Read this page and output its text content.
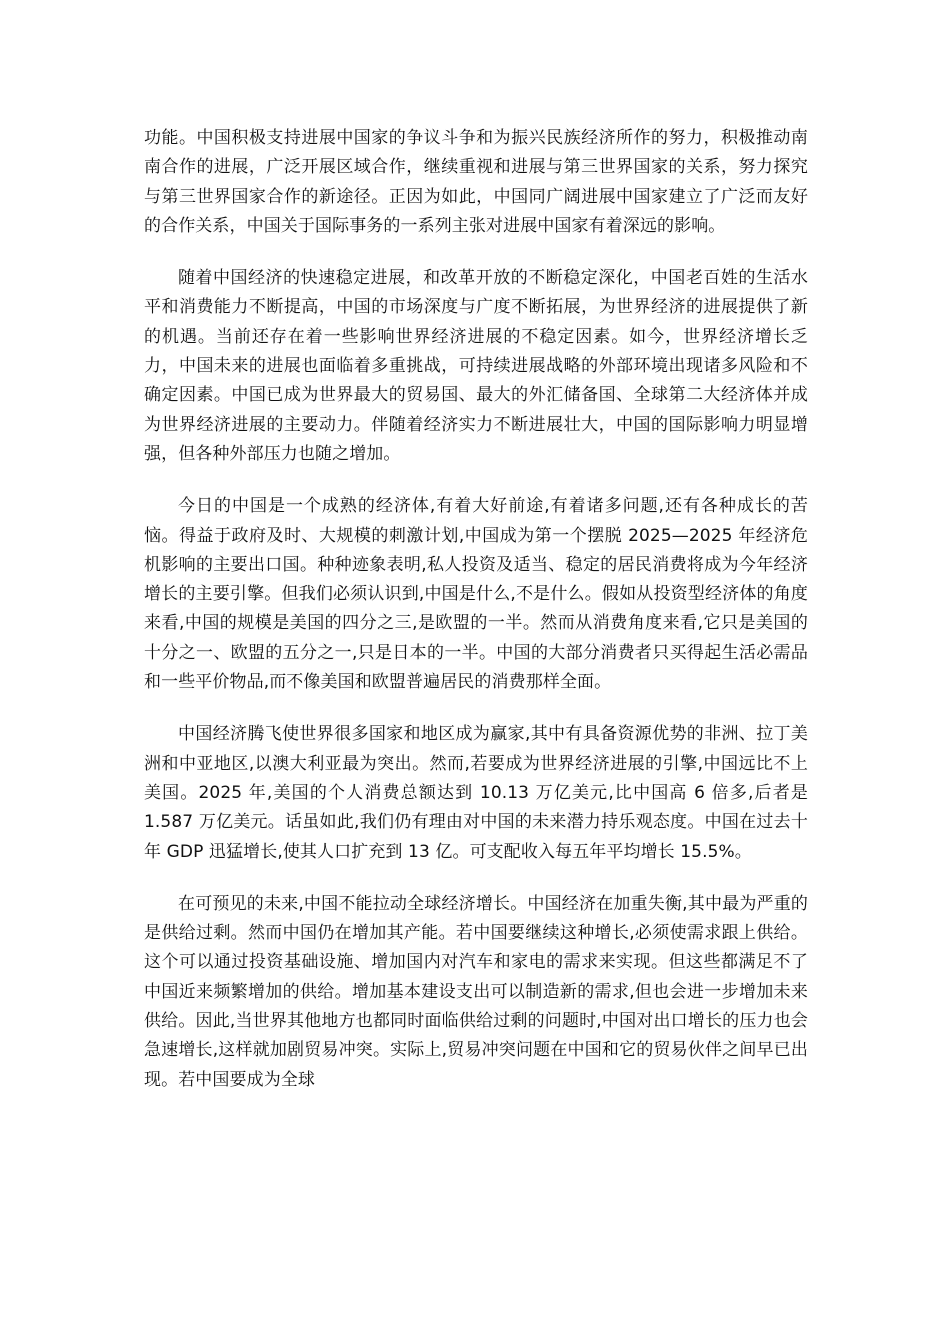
功能。中国积极支持进展中国家的争议斗争和为振兴民族经济所作的努力，积极推动南南合作的进展，广泛开展区域合作，继续重视和进展与第三世界国家的关系，努力探究与第三世界国家合作的新途径。正因为如此，中国同广阔进展中国家建立了广泛而友好的合作关系，中国关于国际事务的一系列主张对进展中国家有着深远的影响。

随着中国经济的快速稳定进展，和改革开放的不断稳定深化，中国老百姓的生活水平和消费能力不断提高，中国的市场深度与广度不断拓展，为世界经济的进展提供了新的机遇。当前还存在着一些影响世界经济进展的不稳定因素。如今，世界经济增长乏力，中国未来的进展也面临着多重挑战，可持续进展战略的外部环境出现诸多风险和不确定因素。中国已成为世界最大的贸易国、最大的外汇储备国、全球第二大经济体并成为世界经济进展的主要动力。伴随着经济实力不断进展壮大，中国的国际影响力明显增强，但各种外部压力也随之增加。

今日的中国是一个成熟的经济体,有着大好前途,有着诸多问题,还有各种成长的苦恼。得益于政府及时、大规模的刺激计划,中国成为第一个摆脱 2025—2025 年经济危机影响的主要出口国。种种迹象表明,私人投资及适当、稳定的居民消费将成为今年经济增长的主要引擎。但我们必须认识到,中国是什么,不是什么。假如从投资型经济体的角度来看,中国的规模是美国的四分之三,是欧盟的一半。然而从消费角度来看,它只是美国的十分之一、欧盟的五分之一,只是日本的一半。中国的大部分消费者只买得起生活必需品和一些平价物品,而不像美国和欧盟普遍居民的消费那样全面。

中国经济腾飞使世界很多国家和地区成为赢家,其中有具备资源优势的非洲、拉丁美洲和中亚地区,以澳大利亚最为突出。然而,若要成为世界经济进展的引擎,中国远比不上美国。2025 年,美国的个人消费总额达到 10.13 万亿美元,比中国高 6 倍多,后者是 1.587 万亿美元。话虽如此,我们仍有理由对中国的未来潜力持乐观态度。中国在过去十年 GDP 迅猛增长,使其人口扩充到 13 亿。可支配收入每五年平均增长 15.5%。

在可预见的未来,中国不能拉动全球经济增长。中国经济在加重失衡,其中最为严重的是供给过剩。然而中国仍在增加其产能。若中国要继续这种增长,必须使需求跟上供给。这个可以通过投资基础设施、增加国内对汽车和家电的需求来实现。但这些都满足不了中国近来频繁增加的供给。增加基本建设支出可以制造新的需求,但也会进一步增加未来供给。因此,当世界其他地方也都同时面临供给过剩的问题时,中国对出口增长的压力也会急速增长,这样就加剧贸易冲突。实际上,贸易冲突问题在中国和它的贸易伙伴之间早已出现。若中国要成为全球
